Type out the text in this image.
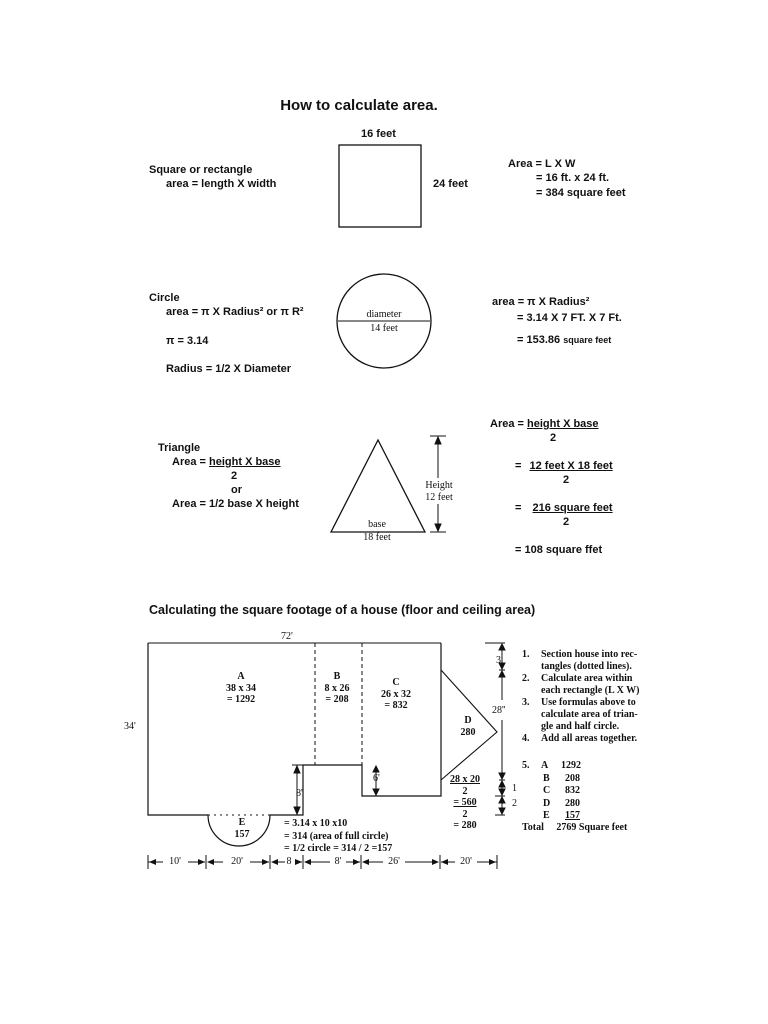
How to calculate area.
16 feet
24 feet
Square or rectangle
area = length X width
Area = L X W
= 16 ft. x 24 ft.
= 384 square feet
Circle
area = π X Radius² or π R²
π = 3.14
Radius = 1/2 X Diameter
diameter
14 feet
area = π X Radius²
= 3.14 X 7 FT. X 7 Ft.
= 153.86 square feet
Triangle
Area = height X base
2
or
Area = 1/2 base X height
Height
12 feet
base
18 feet
Area = height X base
2
= 12 feet X 18 feet
2
= 216 square feet
2
= 108 square ffet
Calculating the square footage of a house (floor and ceiling area)
72'
34'
A
38 x 34
= 1292
B
8 x 26
= 208
C
26 x 32
= 832
D
280
E
157
3'
28''
6'
8'	1
2
28 x 20
2
= 560
2
= 280
= 3.14 x 10 x10
= 314 (area of full circle)
= 1/2 circle = 314 / 2 =157
10'	20'	8	8'	26'	20'
1. Section house into rec-
tangles (dotted lines).
2. Calculate area within
each rectangle (L X W)
3. Use formulas above to
calculate area of trian-
gle and half circle.
4. Add all areas together.
5. A 1292
B 208
C 832
D 280
E 157
Total 2769 Square feet
